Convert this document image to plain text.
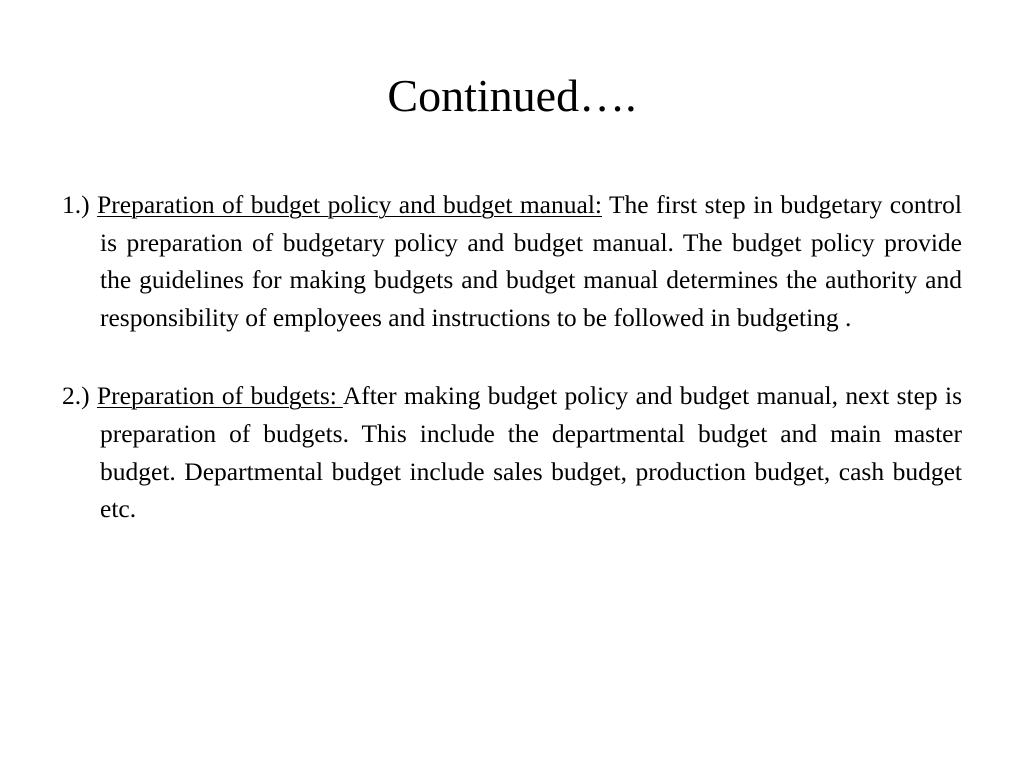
Continued….

1.) Preparation of budget policy and budget manual: The first step in budgetary control is preparation of budgetary policy and budget manual. The budget policy provide the guidelines for making budgets and budget manual determines the authority and responsibility of employees and instructions to be followed in budgeting .

2.) Preparation of budgets: After making budget policy and budget manual, next step is preparation of budgets. This include the departmental budget and main master budget. Departmental budget include sales budget, production budget, cash budget etc.
